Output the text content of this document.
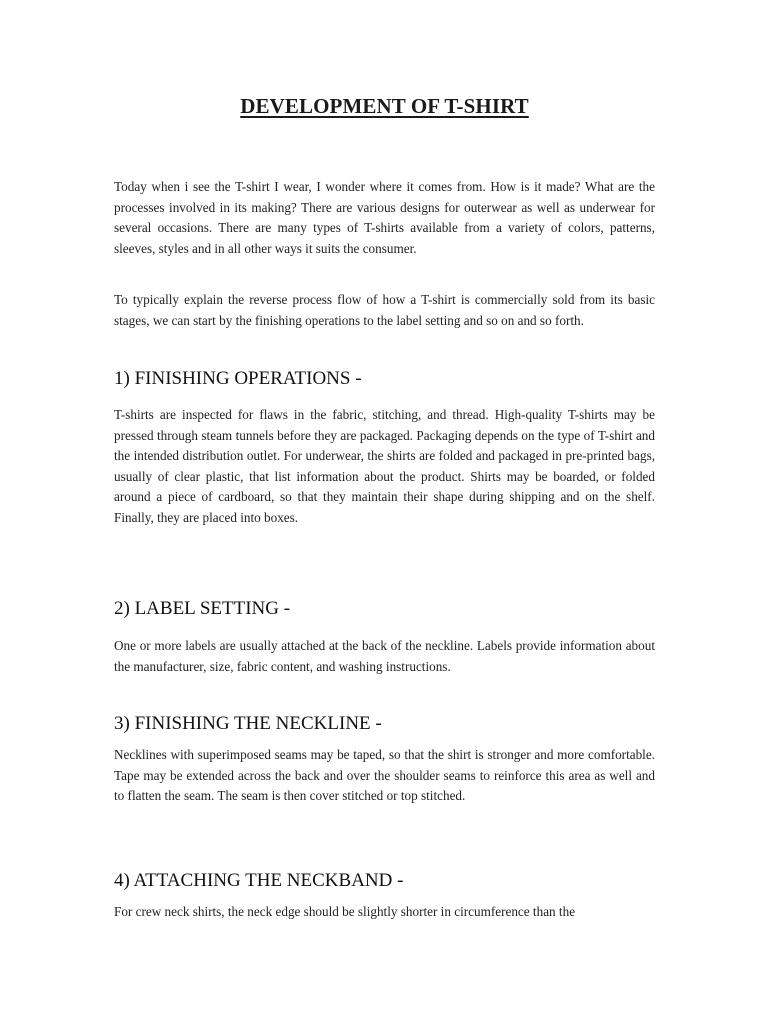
DEVELOPMENT OF T-SHIRT

Today when i see the T-shirt I wear, I wonder where it comes from. How is it made? What are the processes involved in its making? There are various designs for outerwear as well as underwear for several occasions. There are many types of T-shirts available from a variety of colors, patterns, sleeves, styles and in all other ways it suits the consumer.

To typically explain the reverse process flow of how a T-shirt is commercially sold from its basic stages, we can start by the finishing operations to the label setting and so on and so forth.

1) FINISHING OPERATIONS -

T-shirts are inspected for flaws in the fabric, stitching, and thread. High-quality T-shirts may be pressed through steam tunnels before they are packaged. Packaging depends on the type of T-shirt and the intended distribution outlet. For underwear, the shirts are folded and packaged in pre-printed bags, usually of clear plastic, that list information about the product. Shirts may be boarded, or folded around a piece of cardboard, so that they maintain their shape during shipping and on the shelf. Finally, they are placed into boxes.

2) LABEL SETTING -

One or more labels are usually attached at the back of the neckline. Labels provide information about the manufacturer, size, fabric content, and washing instructions.

3) FINISHING THE NECKLINE -

Necklines with superimposed seams may be taped, so that the shirt is stronger and more comfortable. Tape may be extended across the back and over the shoulder seams to reinforce this area as well and to flatten the seam. The seam is then cover stitched or top stitched.

4) ATTACHING THE NECKBAND -

For crew neck shirts, the neck edge should be slightly shorter in circumference than the
